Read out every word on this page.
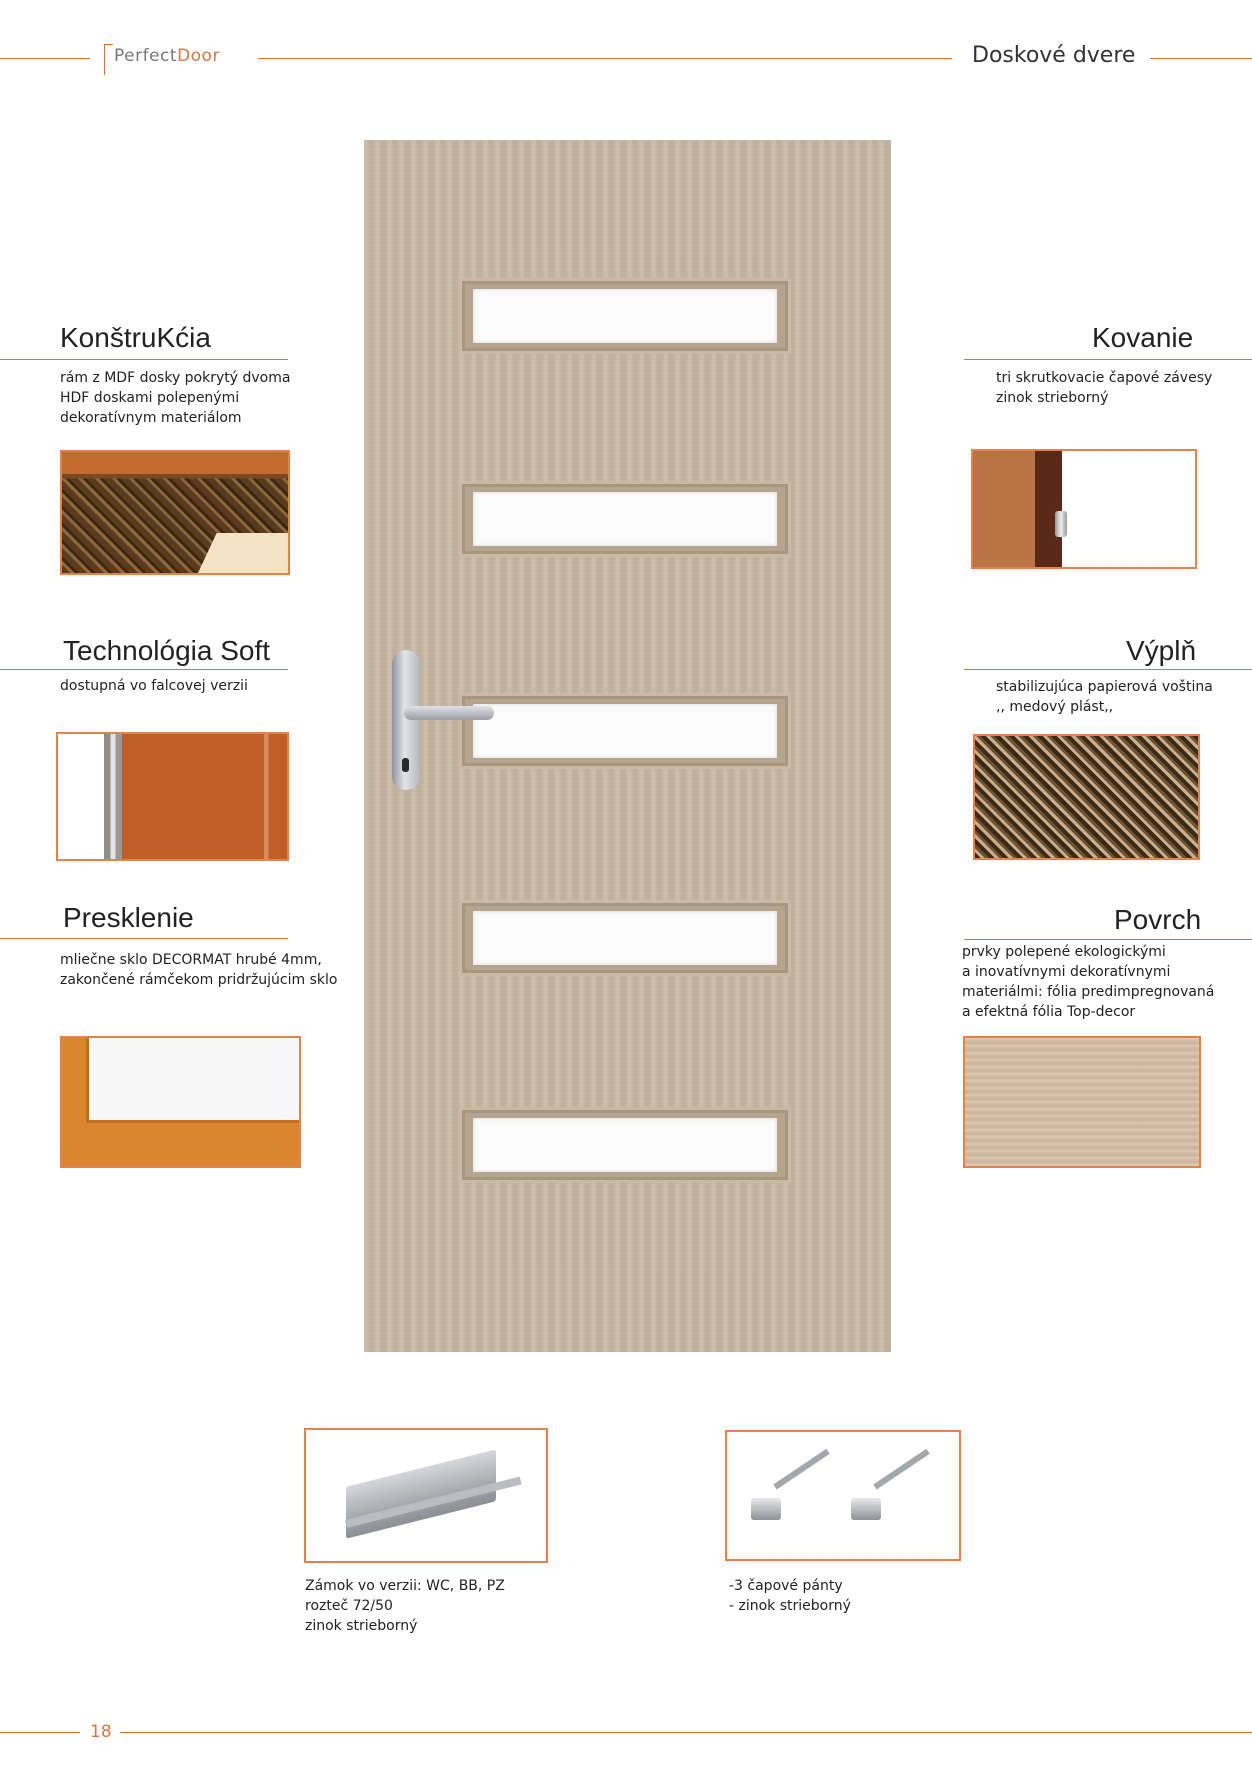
PerfectDoor	Doskové dvere
KonštruKćia
rám z MDF dosky pokrytý dvoma
HDF doskami polepenými
dekoratívnym materiálom
Kovanie
tri skrutkovacie čapové závesy
zinok strieborný
Technológia Soft
dostupná vo falcovej verzii
Výplň
stabilizujúca papierová voština
,, medový plást,,
Presklenie
mliečne sklo DECORMAT hrubé 4mm,
zakončené rámčekom pridržujúcim sklo
Povrch
prvky polepené ekologickými
a inovatívnymi dekoratívnymi
materiálmi: fólia predimpregnovaná
a efektná fólia Top-decor
Zámok vo verzii: WC, BB, PZ
rozteč 72/50
zinok strieborný
-3 čapové pánty
- zinok strieborný
18
